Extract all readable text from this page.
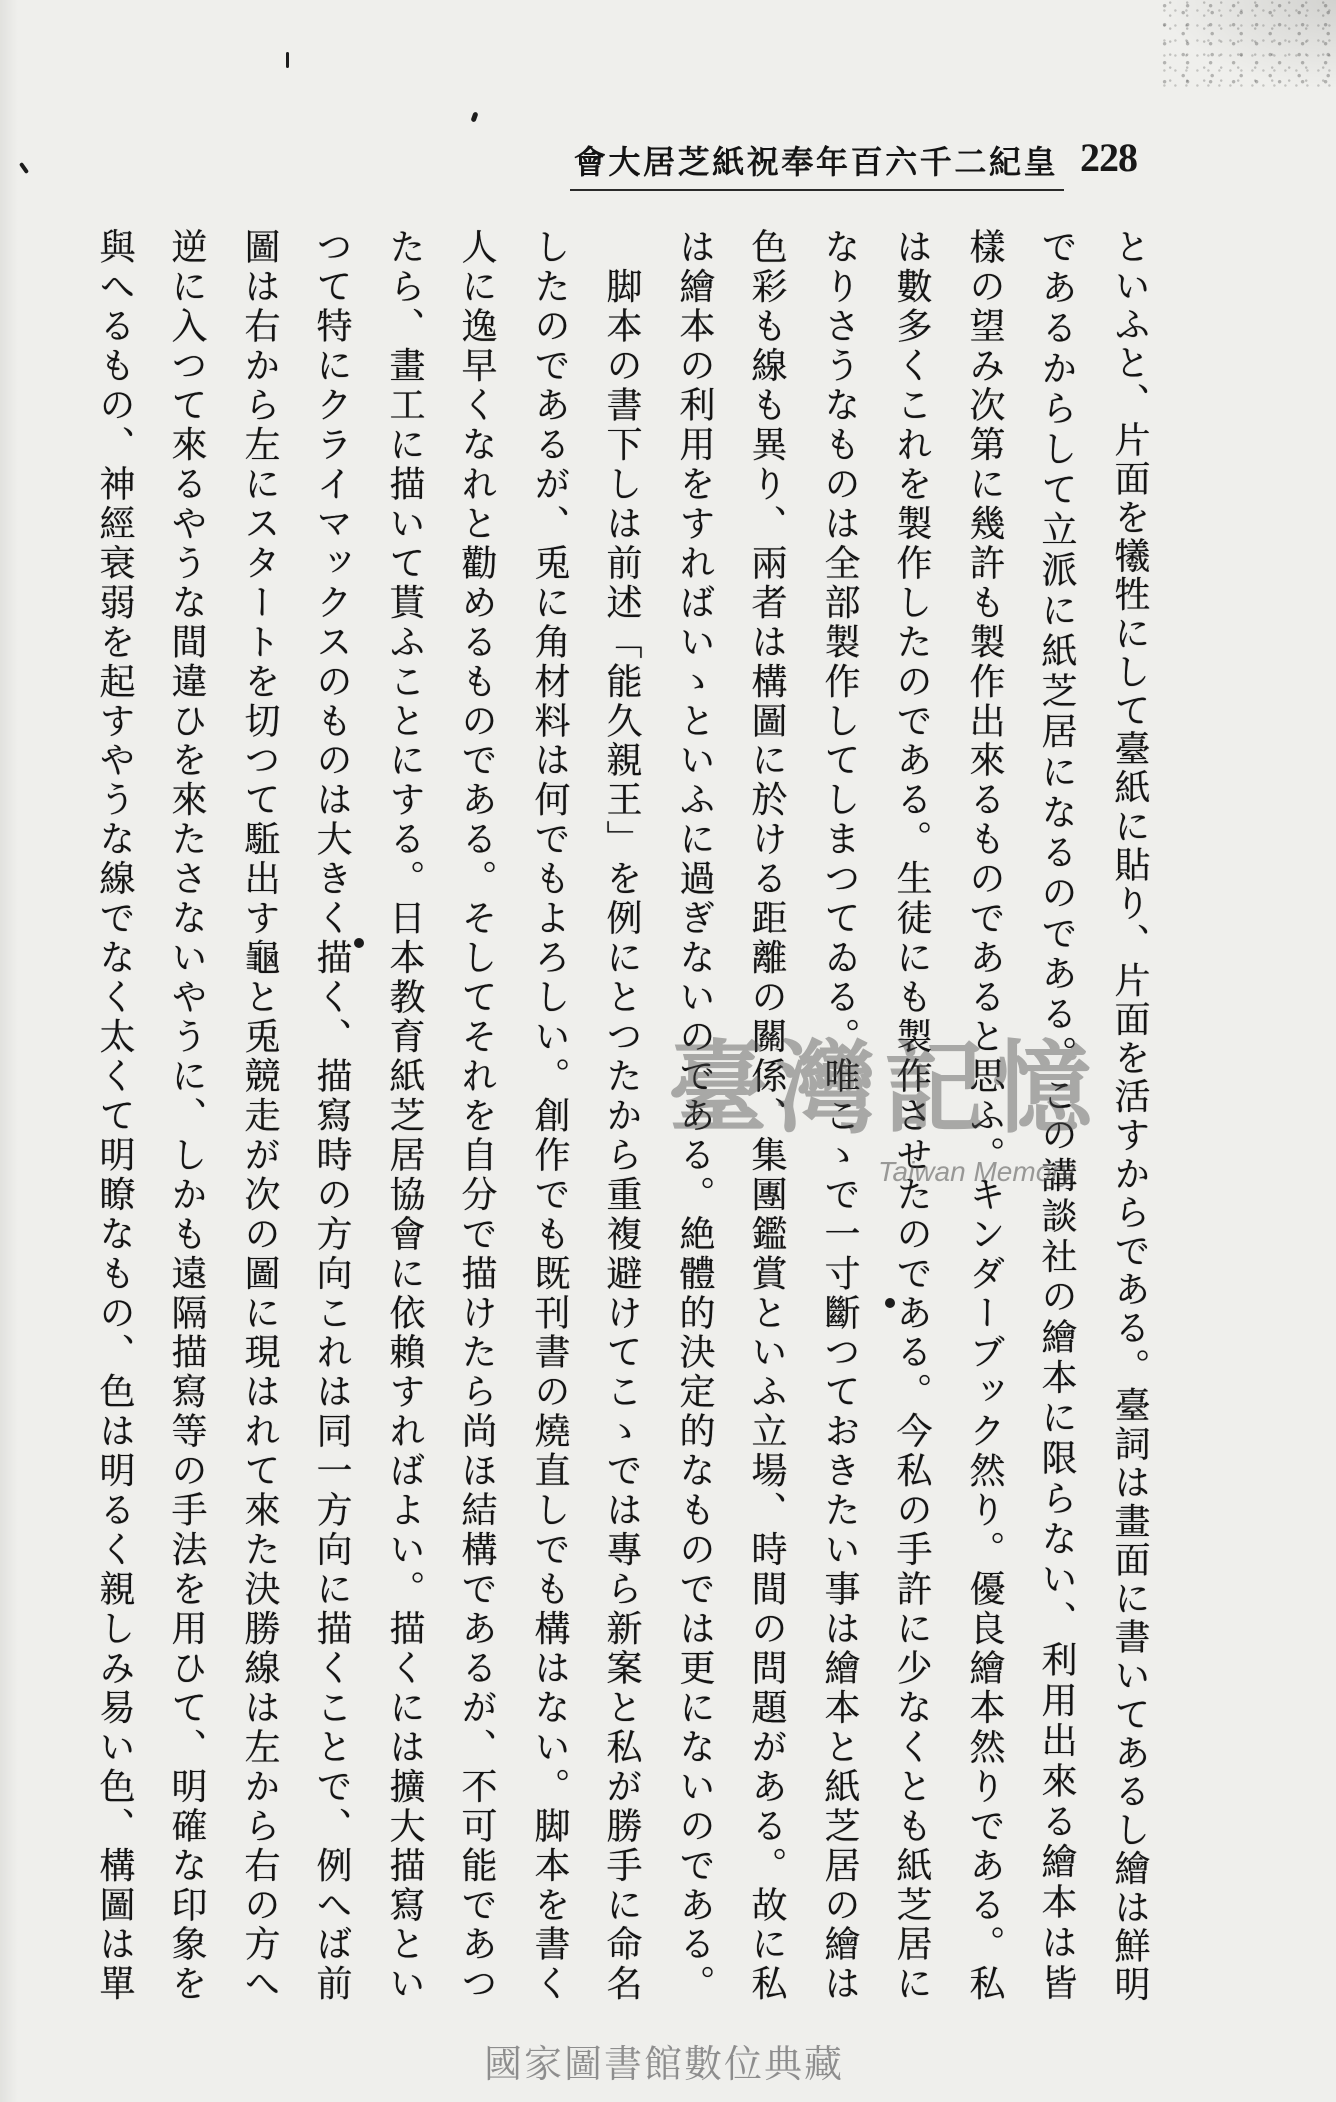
皇紀二千六百年奉祝紙芝居大會 228
といふと、片面を犧牲にして臺紙に貼り、片面を活すからである。臺詞は畫面に書いてあるし繪は鮮明
であるからして立派に紙芝居になるのである。この講談社の繪本に限らない、利用出來る繪本は皆
樣の望み次第に幾許も製作出來るものであると思ふ。キンダーブック然り。優良繪本然りである。私
は數多くこれを製作したのである。生徒にも製作させたのである。今私の手許に少なくとも紙芝居に
なりさうなものは全部製作してしまつてゐる。唯こゝで一寸斷つておきたい事は繪本と紙芝居の繪は
色彩も線も異り、兩者は構圖に於ける距離の關係、集團鑑賞といふ立場、時間の問題がある。故に私
は繪本の利用をすればいゝといふに過ぎないのである。絶體的決定的なものでは更にないのである。
　脚本の書下しは前述「能久親王」を例にとつたから重複避けてこゝでは專ら新案と私が勝手に命名
したのであるが、兎に角材料は何でもよろしい。創作でも既刊書の燒直しでも構はない。脚本を書く
人に逸早くなれと勸めるものである。そしてそれを自分で描けたら尚ほ結構であるが、不可能であつ
たら、畫工に描いて貰ふことにする。日本教育紙芝居協會に依賴すればよい。描くには擴大描寫とい
つて特にクライマックスのものは大きく描く、描寫時の方向これは同一方向に描くことで、例へば前
圖は右から左にスタートを切つて駈出す龜と兎競走が次の圖に現はれて來た決勝線は左から右の方へ
逆に入つて來るやうな間違ひを來たさないやうに、しかも遠隔描寫等の手法を用ひて、明確な印象を
與へるもの、神經衰弱を起すやうな線でなく太くて明瞭なもの、色は明るく親しみ易い色、構圖は單	臺灣記憶
Taiwan Memory
國家圖書館數位典藏
